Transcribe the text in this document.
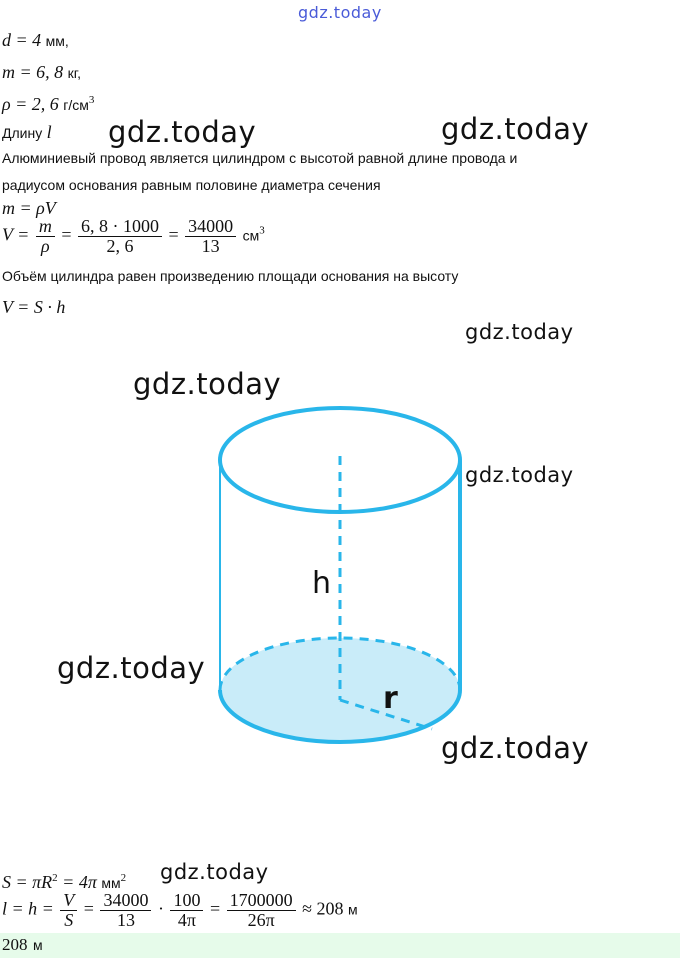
gdz.today
d = 4 мм,
m = 6, 8 кг,
ρ = 2, 6 $г/см^3$
Длину l gdz.today	gdz.today
Алюминиевый провод является цилиндром с высотой равной длине провода и
радиусом основания равным половине диаметра сечения
m = ρV
$V = \frac{m}{\rho} = \frac{6, 8 \cdot 1000}{2, 6} = \frac{34000}{13} см^3$
Объём цилиндра равен произведению площади основания на высоту
V = S · h
gdz.today
gdz.today
h
r
gdz.today
gdz.today
gdz.today
$S = \pi R^2 = 4\pi$ $мм^2$ gdz.today
$l = h = \frac{V}{S} = \frac{34000}{13} \cdot \frac{100}{4\pi} = \frac{1700000}{26\pi} \approx 208$ м
208 м
